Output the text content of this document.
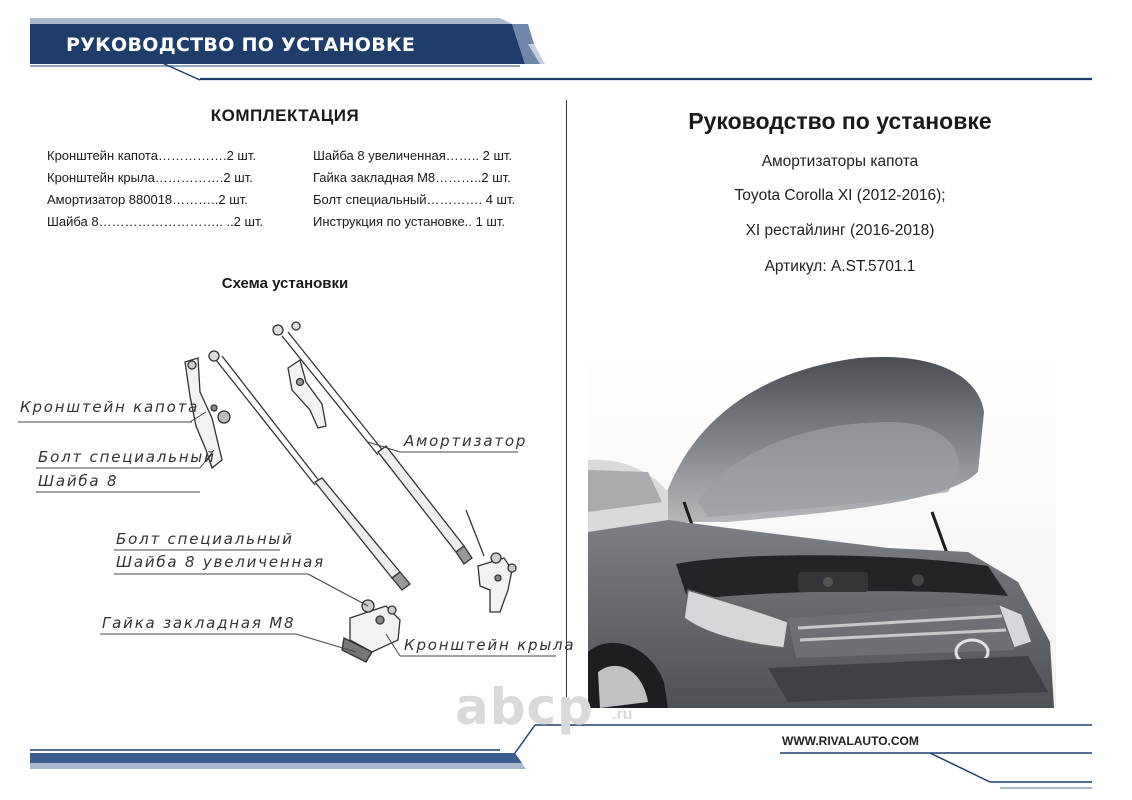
РУКОВОДСТВО ПО УСТАНОВКЕ
WWW.RIVALAUTO.COM
КОМПЛЕКТАЦИЯ
Кронштейн капота…………….2 шт.
Кронштейн крыла…………….2 шт.
Амортизатор 880018………..2 шт.
Шайба 8……………………….. ..2 шт.
Шайба 8 увеличенная…….. 2 шт.
Гайка закладная М8………..2 шт.
Болт специальный…………. 4 шт.
Инструкция по установке.. 1 шт.
Схема установки
Кронштейн капота
Болт специальный
Шайба 8
Амортизатор
Болт специальный
Шайба 8 увеличенная
Гайка закладная М8
Кронштейн крыла
Руководство по установке
Амортизаторы капота
Toyota Corolla XI (2012-2016);
XI рестайлинг (2016-2018)
Артикул: A.ST.5701.1
abcp .ru
